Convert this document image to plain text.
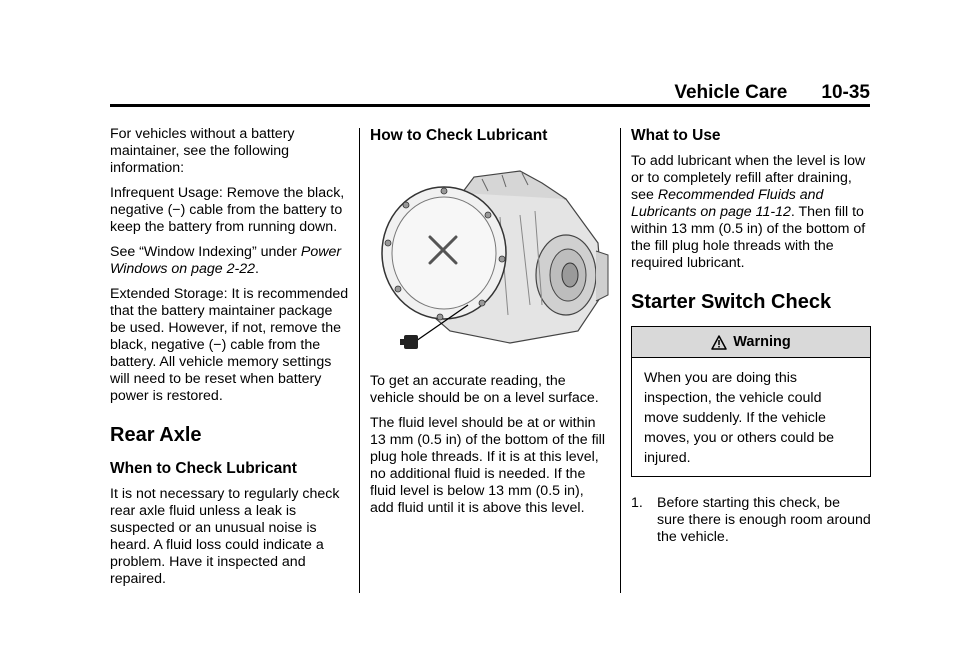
Vehicle Care 10-35

For vehicles without a battery maintainer, see the following information:

Infrequent Usage: Remove the black, negative (−) cable from the battery to keep the battery from running down.

See “Window Indexing” under Power Windows on page 2-22.

Extended Storage: It is recommended that the battery maintainer package be used. However, if not, remove the black, negative (−) cable from the battery. All vehicle memory settings will need to be reset when battery power is restored.

Rear Axle
When to Check Lubricant

It is not necessary to regularly check rear axle fluid unless a leak is suspected or an unusual noise is heard. A fluid loss could indicate a problem. Have it inspected and repaired.

How to Check Lubricant

To get an accurate reading, the vehicle should be on a level surface.

The fluid level should be at or within 13 mm (0.5 in) of the bottom of the fill plug hole threads. If it is at this level, no additional fluid is needed. If the fluid level is below 13 mm (0.5 in), add fluid until it is above this level.

What to Use

To add lubricant when the level is low or to completely refill after draining, see Recommended Fluids and Lubricants on page 11-12. Then fill to within 13 mm (0.5 in) of the bottom of the fill plug hole threads with the required lubricant.

Starter Switch Check
Warning
When you are doing this inspection, the vehicle could move suddenly. If the vehicle moves, you or others could be injured.
1. Before starting this check, be sure there is enough room around the vehicle.
